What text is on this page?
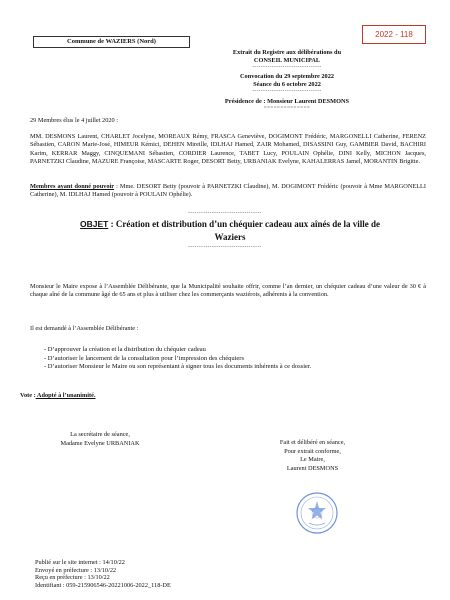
2022 - 118
Commune de WAZIERS (Nord)
Extrait du Registre aux délibérations du
CONSEIL MUNICIPAL
--------------------------------
Convocation du 29 septembre 2022
Séance du 6 octobre 2022
--------------------------------
Présidence de : Monsieur Laurent DESMONS
==============
29 Membres élus le 4 juillet 2020 :
MM. DESMONS Laurent, CHARLET Jocelyne, MOREAUX Rémy, FRASCA Geneviève, DOGIMONT Frédéric, MARGONELLI Catherine, FERENZ Sébastien, CARON Marie-José, HIMEUR Kémici, DEHEN Mireille, IDLHAJ Hamed, ZAIR Mohamed, DISASSINI Guy, GAMBIER David, BACHIRI Karim, KERRAR Maggy, CINQUEMANI Sébastien, CORDIER Laurence, TABET Lucy, POULAIN Ophélie, DINI Kelly, MICHON Jacques, PARNETZKI Claudine, MAZURE Françoise, MASCARTE Roger, DESORT Betty, URBANIAK Evelyne, KAHALERRAS Jamel, MORANTIN Brigitte.
Membres ayant donné pouvoir : Mme. DESORT Betty (pouvoir à PARNETZKI Claudine), M. DOGIMONT Frédéric (pouvoir à Mme MARGONELLI Catherine), M. IDLHAJ Hamed (pouvoir à POULAIN Ophélie).
----------------------------------
OBJET : Création et distribution d’un chéquier cadeau aux aînés de la ville de
Waziers
----------------------------------
Monsieur le Maire expose à l’Assemblée Délibérante, que la Municipalité souhaite offrir, comme l’an dernier, un chéquier cadeau d’une valeur de 30 € à chaque aîné de la commune âgé de 65 ans et plus à utiliser chez les commerçants waziérois, adhérents à la convention.
Il est demandé à l’Assemblée Délibérante :
- D’approuver la création et la distribution du chéquier cadeau
- D’autoriser le lancement de la consultation pour l’impression des chéquiers
- D’autoriser Monsieur le Maire ou son représentant à signer tous les documents inhérents à ce dossier.
Vote : Adopté à l’unanimité.
La secrétaire de séance,
Madame Evelyne URBANIAK	Fait et délibéré en séance,
Pour extrait conforme,
Le Maire,
Laurent DESMONS
Publié sur le site internet : 14/10/22
Envoyé en préfecture : 13/10/22
Reçu en préfecture : 13/10/22
Identifiant : 059-215906546-20221006-2022_118-DE
